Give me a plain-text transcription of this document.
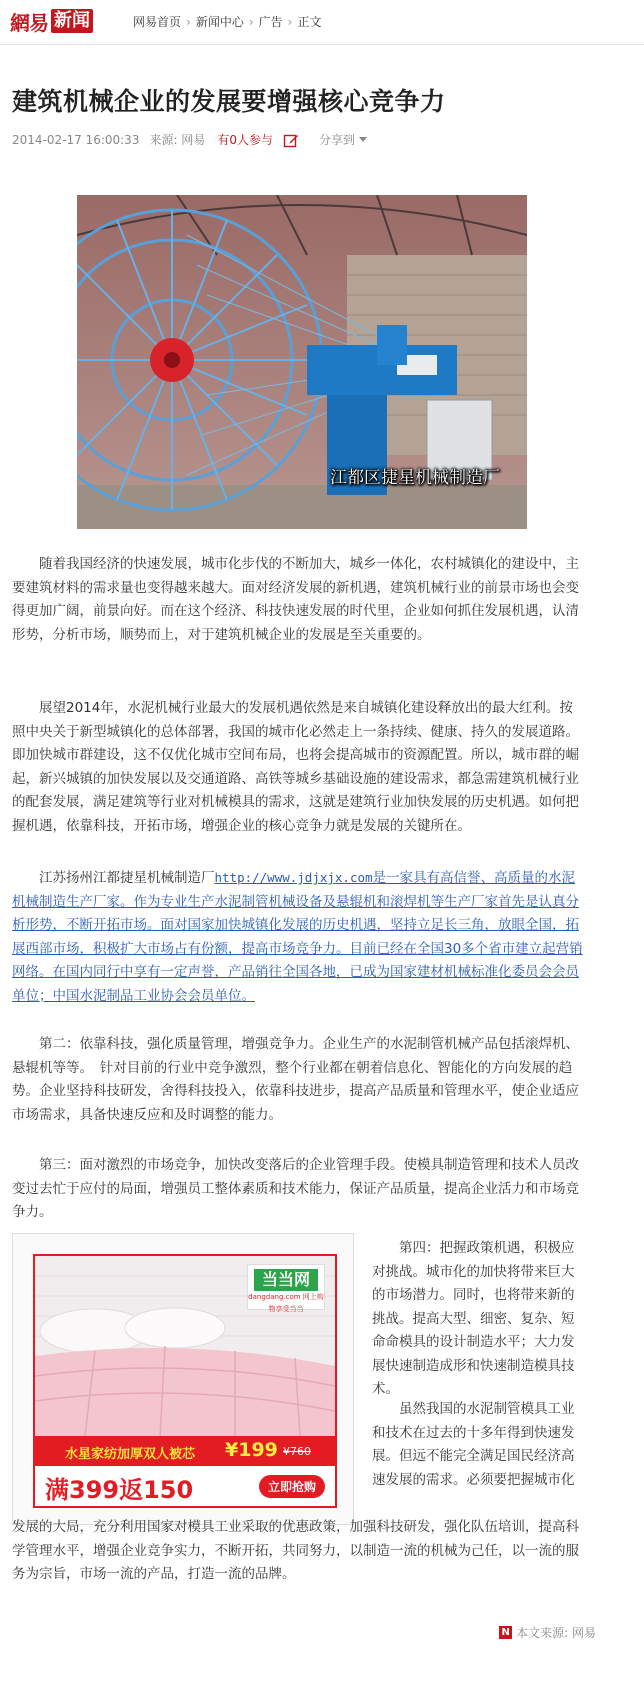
網易 新闻	网易首页 › 新闻中心 › 广告 › 正文
建筑机械企业的发展要增强核心竞争力
2014-02-17 16:00:33 来源: 网易 有0人参与	分享到
江都区捷星机械制造厂

随着我国经济的快速发展，城市化步伐的不断加大，城乡一体化，农村城镇化的建设中，主要建筑材料的需求量也变得越来越大。面对经济发展的新机遇，建筑机械行业的前景市场也会变得更加广阔，前景向好。而在这个经济、科技快速发展的时代里，企业如何抓住发展机遇，认清形势，分析市场，顺势而上，对于建筑机械企业的发展是至关重要的。

展望2014年，水泥机械行业最大的发展机遇依然是来自城镇化建设释放出的最大红利。按照中央关于新型城镇化的总体部署，我国的城市化必然走上一条持续、健康、持久的发展道路。即加快城市群建设，这不仅优化城市空间布局，也将会提高城市的资源配置。所以，城市群的崛起，新兴城镇的加快发展以及交通道路、高铁等城乡基础设施的建设需求，都急需建筑机械行业的配套发展，满足建筑等行业对机械模具的需求，这就是建筑行业加快发展的历史机遇。如何把握机遇，依靠科技，开拓市场，增强企业的核心竞争力就是发展的关键所在。

江苏扬州江都捷星机械制造厂http://www.jdjxjx.com是一家具有高信誉、高质量的水泥机械制造生产厂家。作为专业生产水泥制管机械设备及悬辊机和滚焊机等生产厂家首先是认真分析形势，不断开拓市场。面对国家加快城镇化发展的历史机遇，坚持立足长三角，放眼全国，拓展西部市场，积极扩大市场占有份额，提高市场竞争力。目前已经在全国30多个省市建立起营销网络。在国内同行中享有一定声誉，产品销往全国各地，已成为国家建材机械标准化委员会会员单位；中国水泥制品工业协会会员单位。

第二：依靠科技，强化质量管理，增强竞争力。企业生产的水泥制管机械产品包括滚焊机、悬辊机等等。　针对目前的行业中竞争激烈，整个行业都在朝着信息化、智能化的方向发展的趋势。企业坚持科技研发，舍得科技投入，依靠科技进步，提高产品质量和管理水平，使企业适应市场需求，具备快速反应和及时调整的能力。

第三：面对激烈的市场竞争，加快改变落后的企业管理手段。使模具制造管理和技术人员改变过去忙于应付的局面，增强员工整体素质和技术能力，保证产品质量，提高企业活力和市场竞争力。

当当网
dangdang.com 网上购物享受当当
水星家纺加厚双人被芯 ¥199 ¥760
满399返150	立即抢购

第四：把握政策机遇，积极应对挑战。城市化的加快将带来巨大的市场潜力。同时，也将带来新的挑战。提高大型、细密、复杂、短命命模具的设计制造水平；大力发展快速制造成形和快速制造模具技术。

虽然我国的水泥制管模具工业和技术在过去的十多年得到快速发展。但远不能完全满足国民经济高速发展的需求。必须要把握城市化

发展的大局，充分利用国家对模具工业采取的优惠政策，加强科技研发，强化队伍培训，提高科学管理水平，增强企业竞争实力，不断开拓，共同努力，以制造一流的机械为己任，以一流的服务为宗旨，市场一流的产品，打造一流的品牌。

N 本文来源: 网易
